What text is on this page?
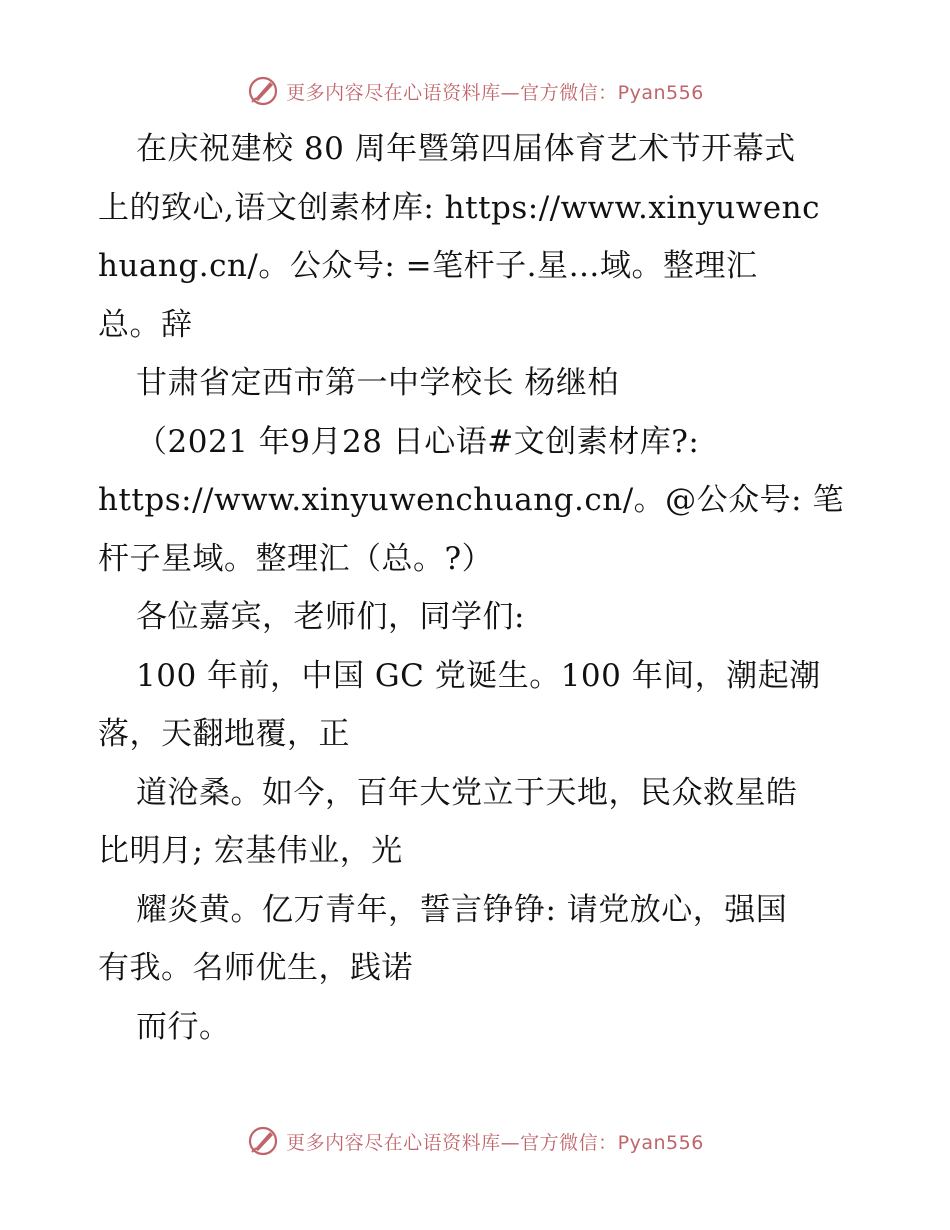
更多内容尽在心语资料库—官方微信：Pyan556
在庆祝建校 80 周年暨第四届体育艺术节开幕式
上的致心,语文创素材库: https://www.xinyuwenc
huang.cn/。公众号: =笔杆子.星…域。整理汇
总。辞
甘肃省定西市第一中学校长 杨继柏
（2021 年9月28 日心语#文创素材库?:
https://www.xinyuwenchuang.cn/。@公众号: 笔
杆子星域。整理汇（总。?）
各位嘉宾，老师们，同学们:
100 年前，中国 GC 党诞生。100 年间，潮起潮
落，天翻地覆，正
道沧桑。如今，百年大党立于天地，民众救星皓
比明月; 宏基伟业，光
耀炎黄。亿万青年，誓言铮铮: 请党放心，强国
有我。名师优生，践诺
而行。
更多内容尽在心语资料库—官方微信：Pyan556
